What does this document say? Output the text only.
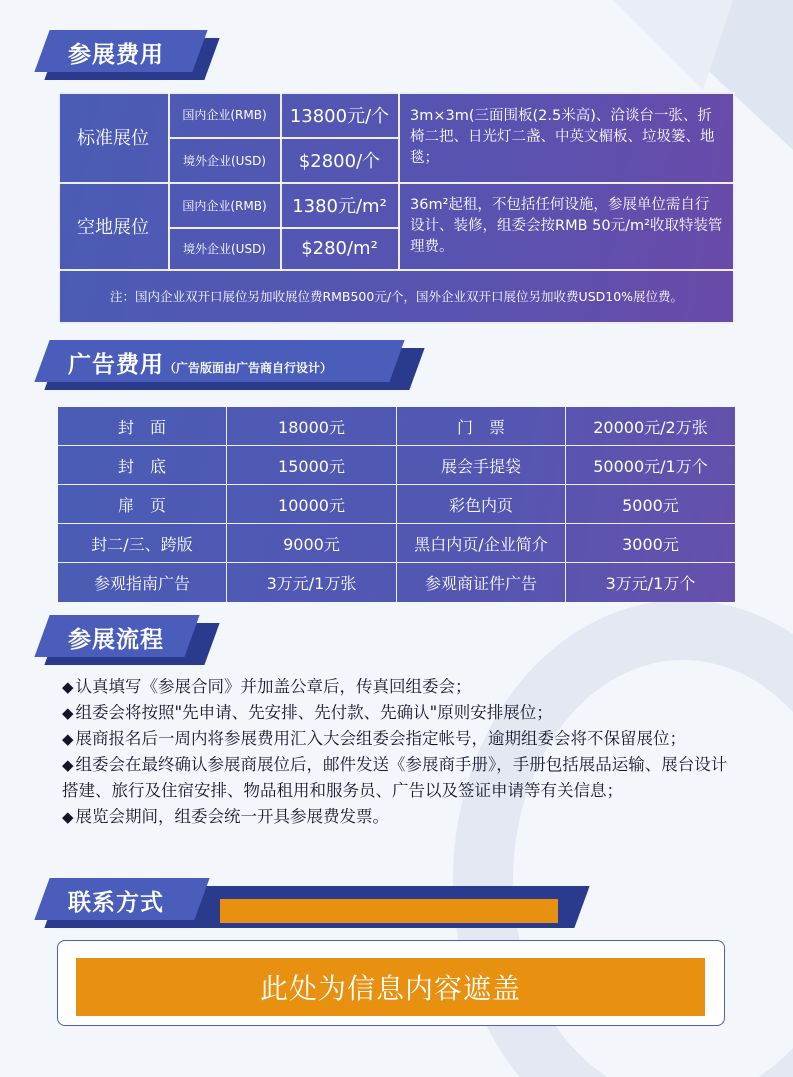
参展费用
标准展位
国内企业(RMB)	13800元/个
境外企业(USD)	$2800/个
3m×3m(三面围板(2.5米高)、洽谈台一张、折椅二把、日光灯二盏、中英文楣板、垃圾篓、地毯；
空地展位
国内企业(RMB)	1380元/m²
境外企业(USD)	$280/m²
36m²起租，不包括任何设施，参展单位需自行设计、装修，组委会按RMB 50元/m²收取特装管理费。
注：国内企业双开口展位另加收展位费RMB500元/个，国外企业双开口展位另加收费USD10%展位费。
广告费用（广告版面由广告商自行设计）
封　面	18000元	门　票	20000元/2万张
封　底	15000元	展会手提袋	50000元/1万个
扉　页	10000元	彩色内页	5000元
封二/三、跨版	9000元	黑白内页/企业简介	3000元
参观指南广告	3万元/1万张	参观商证件广告	3万元/1万个
参展流程
◆ 认真填写《参展合同》并加盖公章后，传真回组委会；
◆ 组委会将按照"先申请、先安排、先付款、先确认"原则安排展位；
◆ 展商报名后一周内将参展费用汇入大会组委会指定帐号，逾期组委会将不保留展位；
◆ 组委会在最终确认参展商展位后，邮件发送《参展商手册》，手册包括展品运输、展台设计搭建、旅行及住宿安排、物品租用和服务员、广告以及签证申请等有关信息；
◆ 展览会期间，组委会统一开具参展费发票。
联系方式
此处为信息内容遮盖
